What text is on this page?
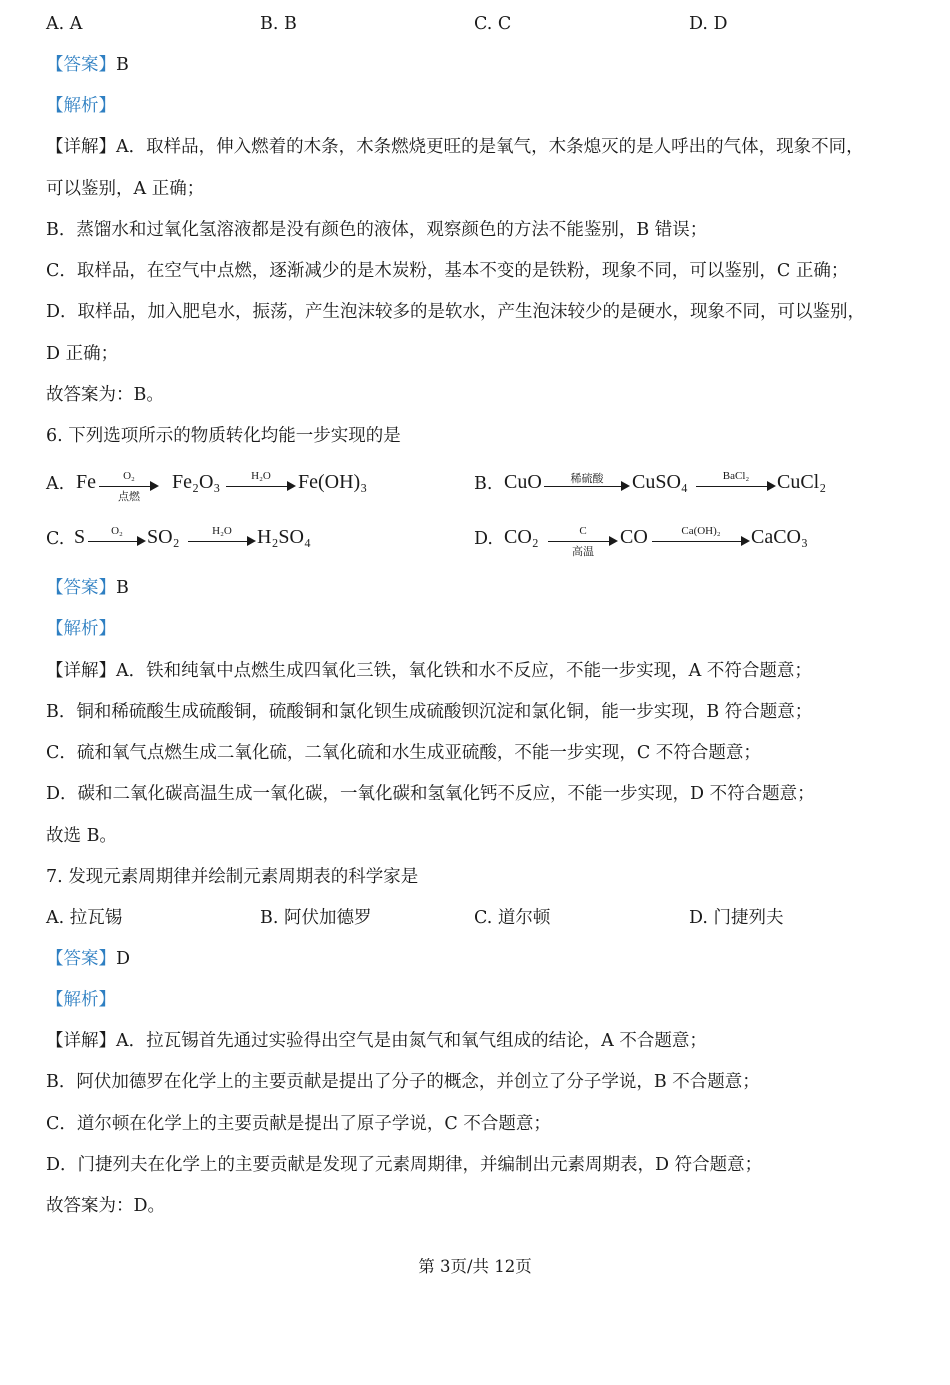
A. A	B. B	C. C	D. D
【答案】B
【解析】
【详解】A．取样品，伸入燃着的木条，木条燃烧更旺的是氧气，木条熄灭的是人呼出的气体，现象不同，
可以鉴别，A 正确；
B．蒸馏水和过氧化氢溶液都是没有颜色的液体，观察颜色的方法不能鉴别，B 错误；
C．取样品，在空气中点燃，逐渐减少的是木炭粉，基本不变的是铁粉，现象不同，可以鉴别，C 正确；
D．取样品，加入肥皂水，振荡，产生泡沫较多的是软水，产生泡沫较少的是硬水，现象不同，可以鉴别，
D 正确；
故答案为：B。
6. 下列选项所示的物质转化均能一步实现的是
A. Fe	O₂
点燃
Fe₂O₃	H₂O	Fe(OH)₃	B. CuO	稀硫酸	CuSO₄	BaCl₂	CuCl₂
C. S	O₂	SO₂	H₂O	H₂SO₄	D. CO₂	C
高温
CO	Ca(OH)₂	CaCO₃
【答案】B
【解析】
【详解】A．铁和纯氧中点燃生成四氧化三铁，氧化铁和水不反应，不能一步实现，A 不符合题意；
B．铜和稀硫酸生成硫酸铜，硫酸铜和氯化钡生成硫酸钡沉淀和氯化铜，能一步实现，B 符合题意；
C．硫和氧气点燃生成二氧化硫，二氧化硫和水生成亚硫酸，不能一步实现，C 不符合题意；
D．碳和二氧化碳高温生成一氧化碳，一氧化碳和氢氧化钙不反应，不能一步实现，D 不符合题意；
故选 B。
7. 发现元素周期律并绘制元素周期表的科学家是
A. 拉瓦锡	B. 阿伏加德罗	C. 道尔顿	D. 门捷列夫
【答案】D
【解析】
【详解】A．拉瓦锡首先通过实验得出空气是由氮气和氧气组成的结论，A 不合题意；
B．阿伏加德罗在化学上的主要贡献是提出了分子的概念，并创立了分子学说，B 不合题意；
C．道尔顿在化学上的主要贡献是提出了原子学说，C 不合题意；
D．门捷列夫在化学上的主要贡献是发现了元素周期律，并编制出元素周期表，D 符合题意；
故答案为：D。
第 3页/共 12页
